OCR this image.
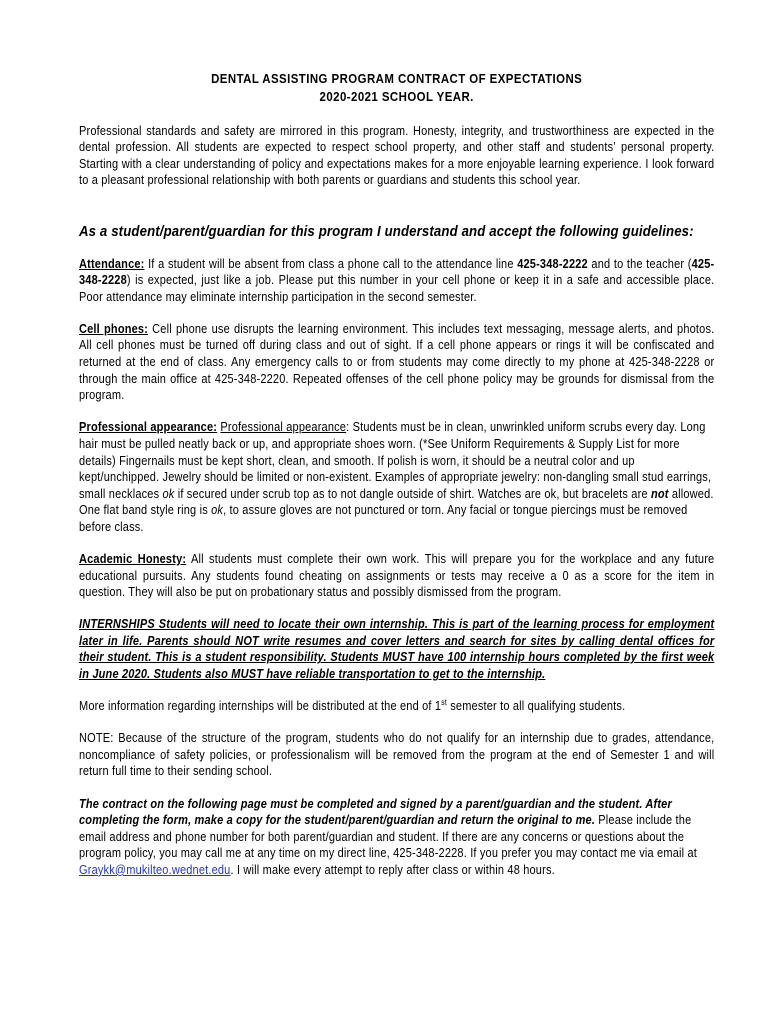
DENTAL ASSISTING PROGRAM CONTRACT OF EXPECTATIONS
2020-2021 SCHOOL YEAR.

Professional standards and safety are mirrored in this program. Honesty, integrity, and trustworthiness are expected in the dental profession. All students are expected to respect school property, and other staff and students’ personal property. Starting with a clear understanding of policy and expectations makes for a more enjoyable learning experience. I look forward to a pleasant professional relationship with both parents or guardians and students this school year.

As a student/parent/guardian for this program I understand and accept the following guidelines:

Attendance: If a student will be absent from class a phone call to the attendance line 425-348-2222 and to the teacher (425-348-2228) is expected, just like a job. Please put this number in your cell phone or keep it in a safe and accessible place. Poor attendance may eliminate internship participation in the second semester.

Cell phones: Cell phone use disrupts the learning environment. This includes text messaging, message alerts, and photos. All cell phones must be turned off during class and out of sight. If a cell phone appears or rings it will be confiscated and returned at the end of class. Any emergency calls to or from students may come directly to my phone at 425-348-2228 or through the main office at 425-348-2220. Repeated offenses of the cell phone policy may be grounds for dismissal from the program.

Professional appearance: Professional appearance: Students must be in clean, unwrinkled uniform scrubs every day. Long hair must be pulled neatly back or up, and appropriate shoes worn. (*See Uniform Requirements & Supply List for more details) Fingernails must be kept short, clean, and smooth. If polish is worn, it should be a neutral color and up kept/unchipped. Jewelry should be limited or non-existent. Examples of appropriate jewelry: non-dangling small stud earrings, small necklaces ok if secured under scrub top as to not dangle outside of shirt. Watches are ok, but bracelets are not allowed. One flat band style ring is ok, to assure gloves are not punctured or torn. Any facial or tongue piercings must be removed before class.

Academic Honesty: All students must complete their own work. This will prepare you for the workplace and any future educational pursuits. Any students found cheating on assignments or tests may receive a 0 as a score for the item in question. They will also be put on probationary status and possibly dismissed from the program.

INTERNSHIPS Students will need to locate their own internship. This is part of the learning process for employment later in life. Parents should NOT write resumes and cover letters and search for sites by calling dental offices for their student. This is a student responsibility. Students MUST have 100 internship hours completed by the first week in June 2020. Students also MUST have reliable transportation to get to the internship.

More information regarding internships will be distributed at the end of 1st semester to all qualifying students.

NOTE: Because of the structure of the program, students who do not qualify for an internship due to grades, attendance, noncompliance of safety policies, or professionalism will be removed from the program at the end of Semester 1 and will return full time to their sending school.

The contract on the following page must be completed and signed by a parent/guardian and the student. After completing the form, make a copy for the student/parent/guardian and return the original to me. Please include the email address and phone number for both parent/guardian and student. If there are any concerns or questions about the program policy, you may call me at any time on my direct line, 425-348-2228. If you prefer you may contact me via email at Graykk@mukilteo.wednet.edu. I will make every attempt to reply after class or within 48 hours.
